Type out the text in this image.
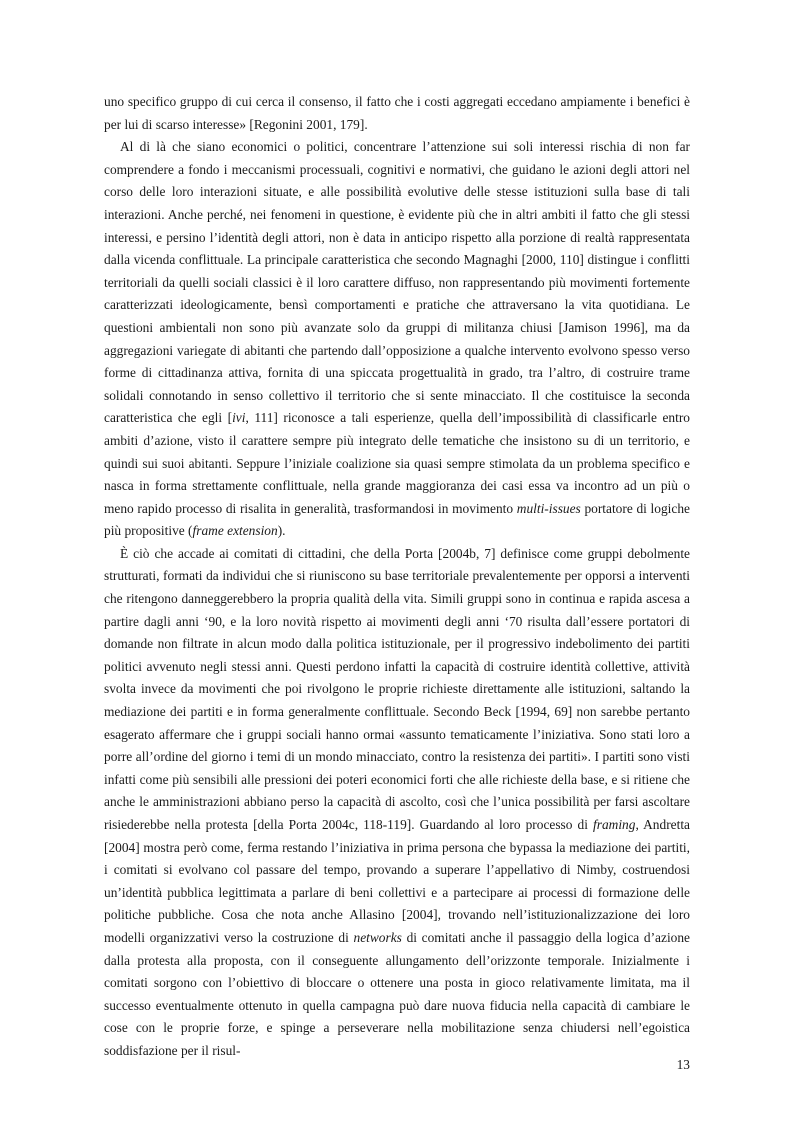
uno specifico gruppo di cui cerca il consenso, il fatto che i costi aggregati eccedano ampiamente i benefici è per lui di scarso interesse» [Regonini 2001, 179].

Al di là che siano economici o politici, concentrare l’attenzione sui soli interessi rischia di non far comprendere a fondo i meccanismi processuali, cognitivi e normativi, che guidano le azioni degli attori nel corso delle loro interazioni situate, e alle possibilità evolutive delle stesse istituzioni sulla base di tali interazioni. Anche perché, nei fenomeni in questione, è evidente più che in altri ambiti il fatto che gli stessi interessi, e persino l’identità degli attori, non è data in anticipo rispetto alla porzione di realtà rappresentata dalla vicenda conflittuale. La principale caratteristica che secondo Magnaghi [2000, 110] distingue i conflitti territoriali da quelli sociali classici è il loro carattere diffuso, non rappresentando più movimenti fortemente caratterizzati ideologicamente, bensì comportamenti e pratiche che attraversano la vita quotidiana. Le questioni ambientali non sono più avanzate solo da gruppi di militanza chiusi [Jamison 1996], ma da aggregazioni variegate di abitanti che partendo dall’opposizione a qualche intervento evolvono spesso verso forme di cittadinanza attiva, fornita di una spiccata progettualità in grado, tra l’altro, di costruire trame solidali connotando in senso collettivo il territorio che si sente minacciato. Il che costituisce la seconda caratteristica che egli [ivi, 111] riconosce a tali esperienze, quella dell’impossibilità di classificarle entro ambiti d’azione, visto il carattere sempre più integrato delle tematiche che insistono su di un territorio, e quindi sui suoi abitanti. Seppure l’iniziale coalizione sia quasi sempre stimolata da un problema specifico e nasca in forma strettamente conflittuale, nella grande maggioranza dei casi essa va incontro ad un più o meno rapido processo di risalita in generalità, trasformandosi in movimento multi-issues portatore di logiche più propositive (frame extension).

È ciò che accade ai comitati di cittadini, che della Porta [2004b, 7] definisce come gruppi debolmente strutturati, formati da individui che si riuniscono su base territoriale prevalentemente per opporsi a interventi che ritengono danneggerebbero la propria qualità della vita. Simili gruppi sono in continua e rapida ascesa a partire dagli anni ‘90, e la loro novità rispetto ai movimenti degli anni ‘70 risulta dall’essere portatori di domande non filtrate in alcun modo dalla politica istituzionale, per il progressivo indebolimento dei partiti politici avvenuto negli stessi anni. Questi perdono infatti la capacità di costruire identità collettive, attività svolta invece da movimenti che poi rivolgono le proprie richieste direttamente alle istituzioni, saltando la mediazione dei partiti e in forma generalmente conflittuale. Secondo Beck [1994, 69] non sarebbe pertanto esagerato affermare che i gruppi sociali hanno ormai «assunto tematicamente l’iniziativa. Sono stati loro a porre all’ordine del giorno i temi di un mondo minacciato, contro la resistenza dei partiti». I partiti sono visti infatti come più sensibili alle pressioni dei poteri economici forti che alle richieste della base, e si ritiene che anche le amministrazioni abbiano perso la capacità di ascolto, così che l’unica possibilità per farsi ascoltare risiederebbe nella protesta [della Porta 2004c, 118-119]. Guardando al loro processo di framing, Andretta [2004] mostra però come, ferma restando l’iniziativa in prima persona che bypassa la mediazione dei partiti, i comitati si evolvano col passare del tempo, provando a superare l’appellativo di Nimby, costruendosi un’identità pubblica legittimata a parlare di beni collettivi e a partecipare ai processi di formazione delle politiche pubbliche. Cosa che nota anche Allasino [2004], trovando nell’istituzionalizzazione dei loro modelli organizzativi verso la costruzione di networks di comitati anche il passaggio della logica d’azione dalla protesta alla proposta, con il conseguente allungamento dell’orizzonte temporale. Inizialmente i comitati sorgono con l’obiettivo di bloccare o ottenere una posta in gioco relativamente limitata, ma il successo eventualmente ottenuto in quella campagna può dare nuova fiducia nella capacità di cambiare le cose con le proprie forze, e spinge a perseverare nella mobilitazione senza chiudersi nell’egoistica soddisfazione per il risul-

13
